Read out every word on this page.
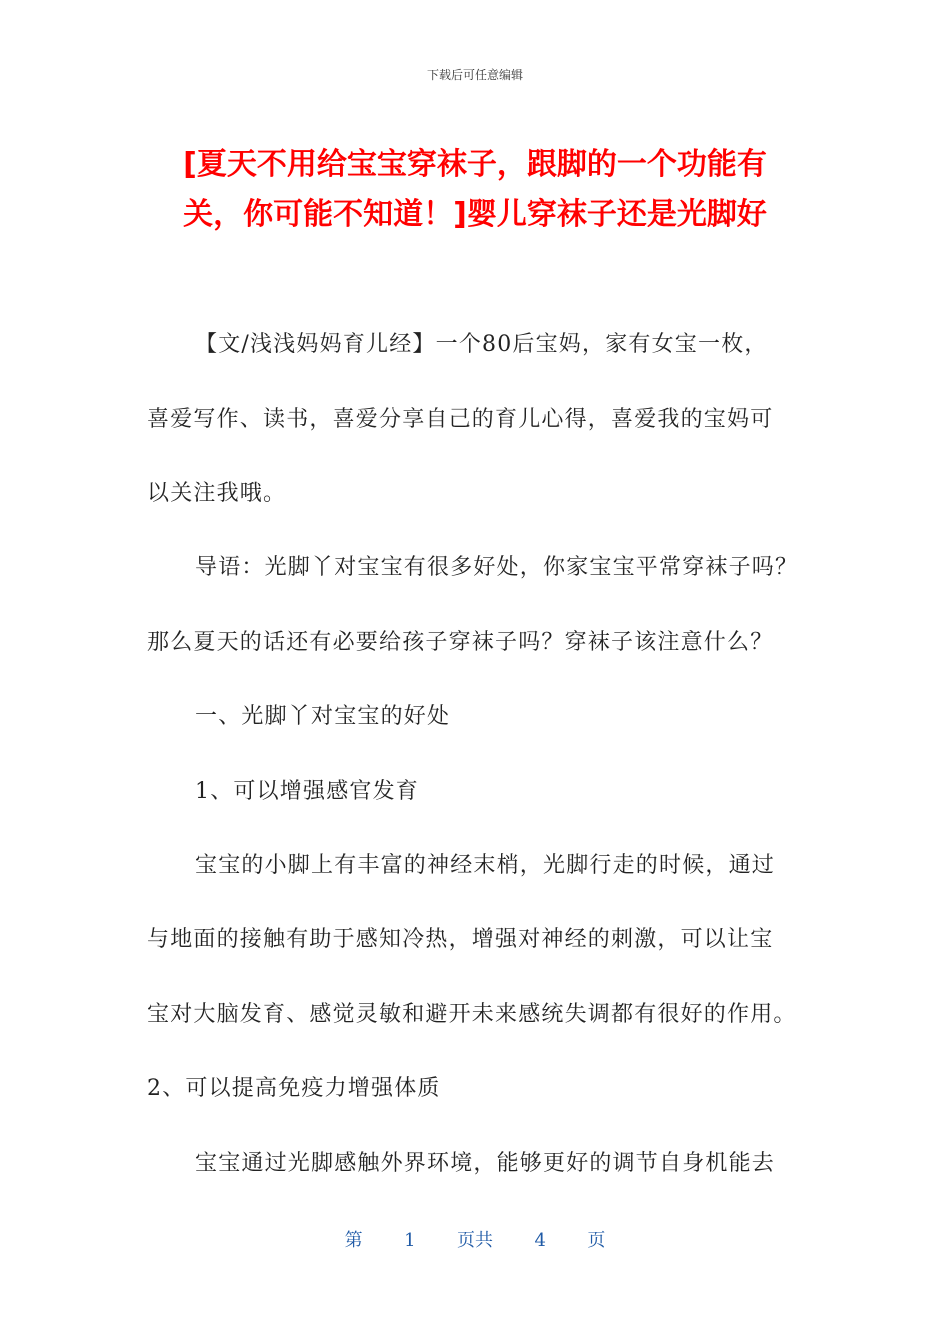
下载后可任意编辑
[夏天不用给宝宝穿袜子，跟脚的一个功能有
关，你可能不知道！]婴儿穿袜子还是光脚好
【文/浅浅妈妈育儿经】一个80后宝妈，家有女宝一枚，
喜爱写作、读书，喜爱分享自己的育儿心得，喜爱我的宝妈可
以关注我哦。
导语：光脚丫对宝宝有很多好处，你家宝宝平常穿袜子吗？
那么夏天的话还有必要给孩子穿袜子吗？穿袜子该注意什么？
一、光脚丫对宝宝的好处
1、可以增强感官发育
宝宝的小脚上有丰富的神经末梢，光脚行走的时候，通过
与地面的接触有助于感知冷热，增强对神经的刺激，可以让宝
宝对大脑发育、感觉灵敏和避开未来感统失调都有很好的作用。
2、可以提高免疫力增强体质
宝宝通过光脚感触外界环境，能够更好的调节自身机能去
第 1 页共 4 页
